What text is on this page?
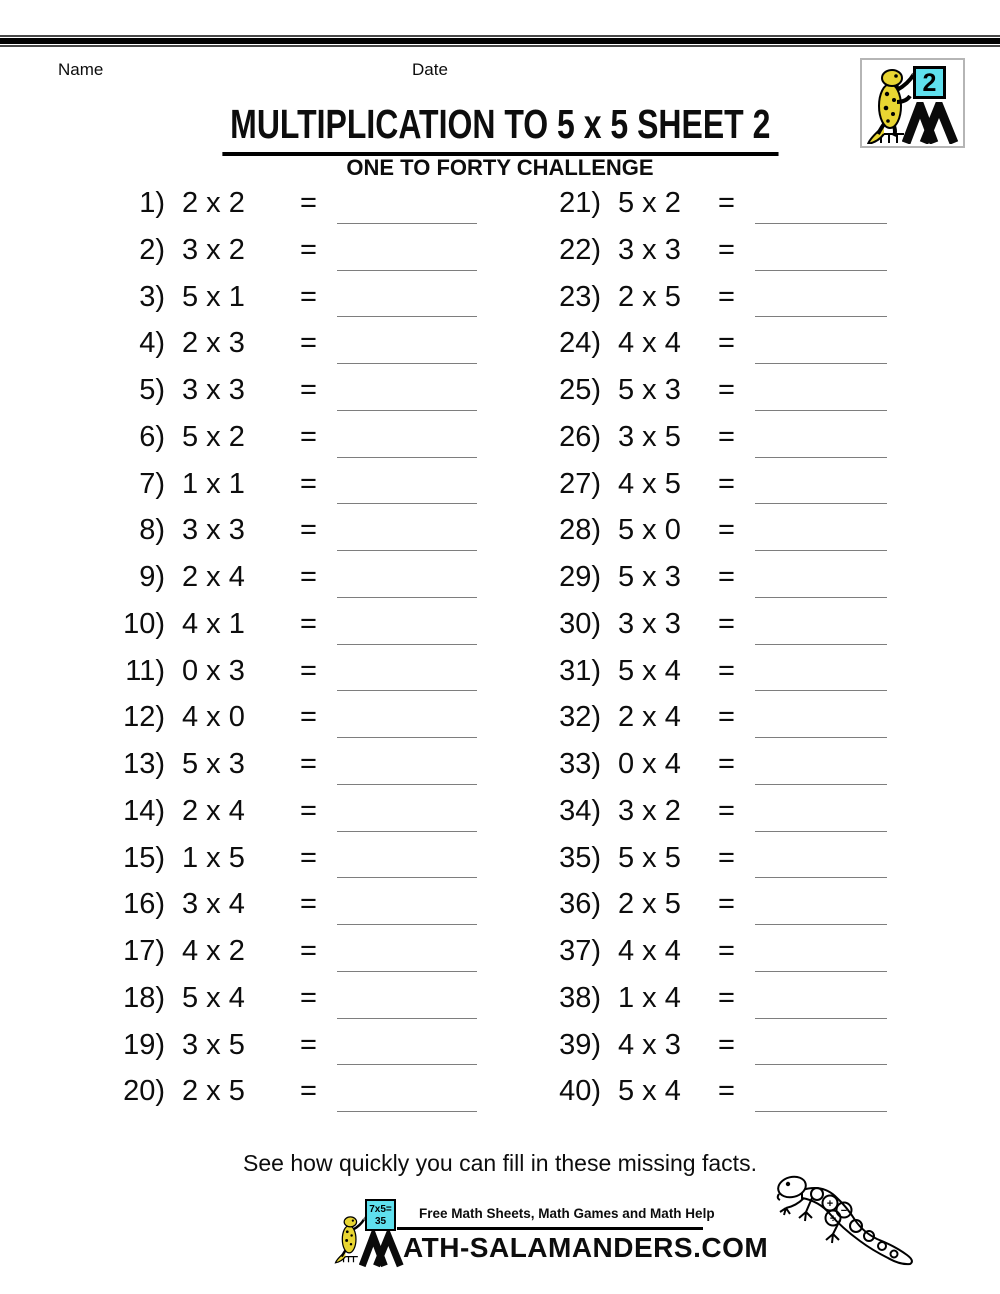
Name	Date	2
MULTIPLICATION TO 5 x 5 SHEET 2
ONE TO FORTY CHALLENGE
1) 2 x 2 =
2) 3 x 2 =
3) 5 x 1 =
4) 2 x 3 =
5) 3 x 3 =
6) 5 x 2 =
7) 1 x 1 =
8) 3 x 3 =
9) 2 x 4 =
10) 4 x 1 =
11) 0 x 3 =
12) 4 x 0 =
13) 5 x 3 =
14) 2 x 4 =
15) 1 x 5 =
16) 3 x 4 =
17) 4 x 2 =
18) 5 x 4 =
19) 3 x 5 =
20) 2 x 5 =
21) 5 x 2 =
22) 3 x 3 =
23) 2 x 5 =
24) 4 x 4 =
25) 5 x 3 =
26) 3 x 5 =
27) 4 x 5 =
28) 5 x 0 =
29) 5 x 3 =
30) 3 x 3 =
31) 5 x 4 =
32) 2 x 4 =
33) 0 x 4 =
34) 3 x 2 =
35) 5 x 5 =
36) 2 x 5 =
37) 4 x 4 =
38) 1 x 4 =
39) 4 x 3 =
40) 5 x 4 =
See how quickly you can fill in these missing facts.
7x5=
35	Free Math Sheets, Math Games and Math Help
ATH-SALAMANDERS.COM
+
−
÷
